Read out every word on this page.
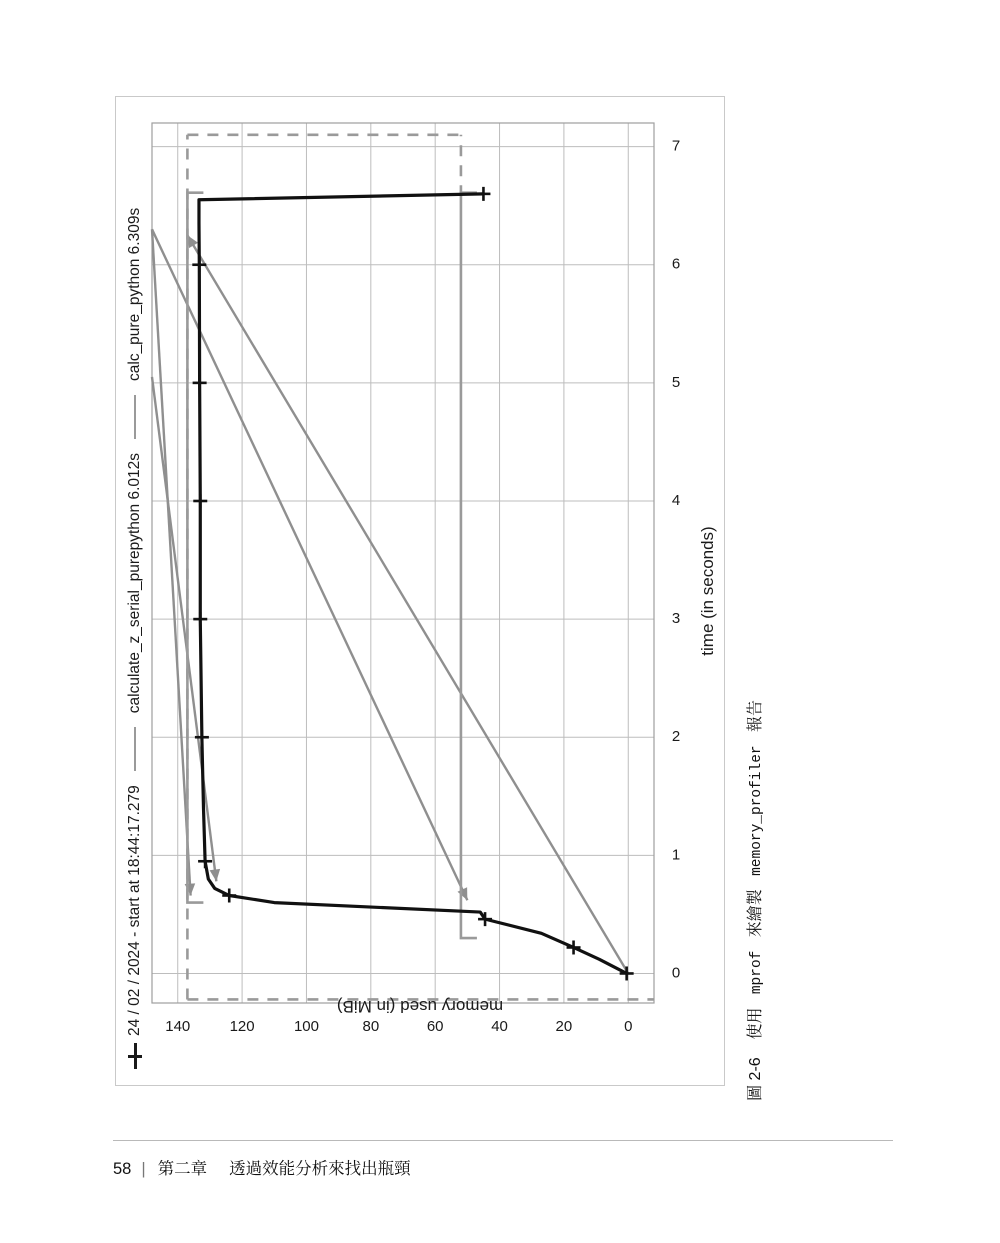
24 / 02 / 2024 - start at 18:44:17.279
calculate_z_serial_purepython 6.012s
calc_pure_python 6.309s
0
1
2
3
4
5
6
7
0
20
40
60
80
100
120
140
time (in seconds)
memory used (in MiB)
圖 2-6    使用   mprof   來繪製   memory_profiler   報告
58 | 第二章 透過效能分析來找出瓶頸
